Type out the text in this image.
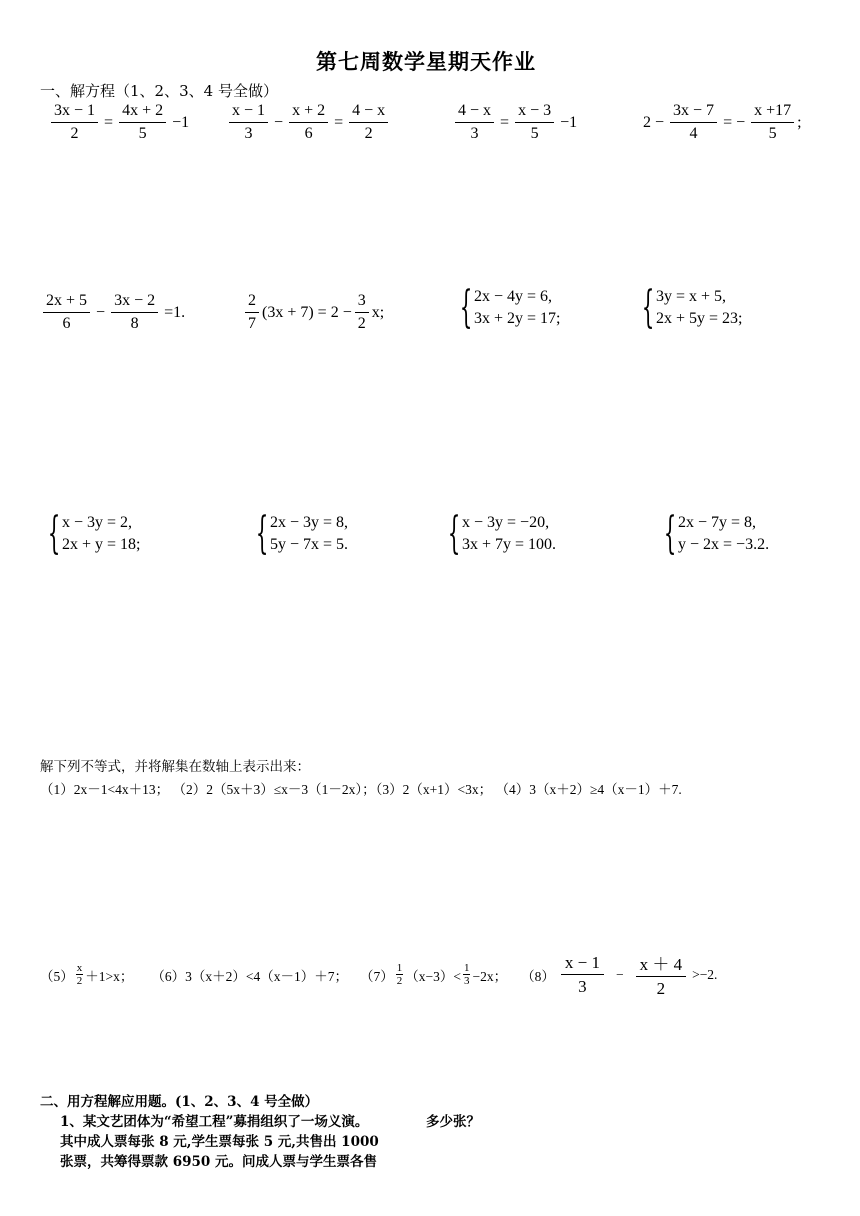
第七周数学星期天作业
一、解方程（1、2、3、4 号全做）
$\frac{3x - 1}{2} = \frac{4x + 2}{5} -1 \frac{x - 1}{3} - \frac{x + 2}{6} = \frac{4 - x}{2}$	$\frac{4 - x}{3} = \frac{x - 3}{5} -1$	$2 - \frac{3x - 7}{4}$ = − $\frac{x +17}{5}$ ;
$\frac{2x + 5}{6} - \frac{3x - 2}{8} =1$.	$\frac{2}{7} (3x + 7) = 2 - \frac{3}{2} x$; { 2x − 4y = 6,
3x + 2y = 17; { 3y = x + 5,
2x + 5y = 23;
{ x − 3y = 2,
2x + y = 18;	{ 2x − 3y = 8,
5y − 7x = 5. { x − 3y = −20,
3x + 7y = 100. { 2x − 7y = 8,
y − 2x = −3.2.
解下列不等式，并将解集在数轴上表示出来：
（1）2x－1<4x＋13； （2）2（5x＋3）≤x－3（1－2x）；（3）2（x+1）<3x； （4）3（x＋2）≥4（x－1）＋7.
$(5) \frac{x}{2} +1>x$； （6）3（x＋2）<4（x－1）＋7； $(7) \frac{1}{2} (x-3)< \frac{1}{3} -2x$； $(8) \frac{x - 1}{3} - \frac{x + 4}{2} >-2$.
二、用方程解应用题。(1、2、3、4 号全做）
1、某文艺团体为“希望工程”募捐组织了一场义演。	多少张？
其中成人票每张 8 元,学生票每张 5 元,共售出 1000
张票，共筹得票款 6950 元。问成人票与学生票各售
